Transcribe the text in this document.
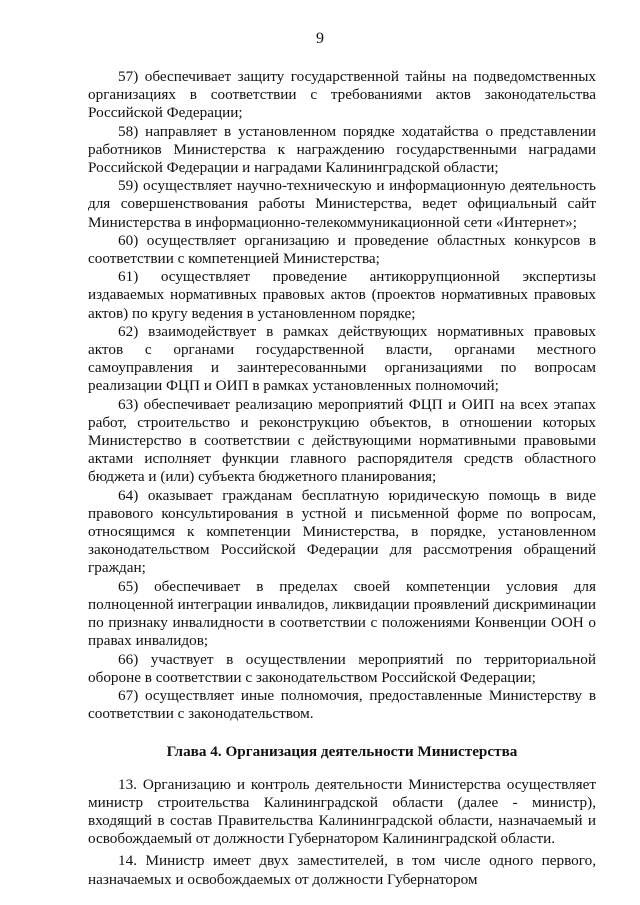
9

57) обеспечивает защиту государственной тайны на подведомственных организациях в соответствии с требованиями актов законодательства Российской Федерации;

58) направляет в установленном порядке ходатайства о представлении работников Министерства к награждению государственными наградами Российской Федерации и наградами Калининградской области;

59) осуществляет научно-техническую и информационную деятельность для совершенствования работы Министерства, ведет официальный сайт Министерства в информационно-телекоммуникационной сети «Интернет»;

60) осуществляет организацию и проведение областных конкурсов в соответствии с компетенцией Министерства;

61) осуществляет проведение антикоррупционной экспертизы издаваемых нормативных правовых актов (проектов нормативных правовых актов) по кругу ведения в установленном порядке;

62) взаимодействует в рамках действующих нормативных правовых актов с органами государственной власти, органами местного самоуправления и заинтересованными организациями по вопросам реализации ФЦП и ОИП в рамках установленных полномочий;

63) обеспечивает реализацию мероприятий ФЦП и ОИП на всех этапах работ, строительство и реконструкцию объектов, в отношении которых Министерство в соответствии с действующими нормативными правовыми актами исполняет функции главного распорядителя средств областного бюджета и (или) субъекта бюджетного планирования;

64) оказывает гражданам бесплатную юридическую помощь в виде правового консультирования в устной и письменной форме по вопросам, относящимся к компетенции Министерства, в порядке, установленном законодательством Российской Федерации для рассмотрения обращений граждан;

65) обеспечивает в пределах своей компетенции условия для полноценной интеграции инвалидов, ликвидации проявлений дискриминации по признаку инвалидности в соответствии с положениями Конвенции ООН о правах инвалидов;

66) участвует в осуществлении мероприятий по территориальной обороне в соответствии с законодательством Российской Федерации;

67) осуществляет иные полномочия, предоставленные Министерству в соответствии с законодательством.

Глава 4. Организация деятельности Министерства

13. Организацию и контроль деятельности Министерства осуществляет министр строительства Калининградской области (далее - министр), входящий в состав Правительства Калининградской области, назначаемый и освобождаемый от должности Губернатором Калининградской области.

14. Министр имеет двух заместителей, в том числе одного первого, назначаемых и освобождаемых от должности Губернатором
